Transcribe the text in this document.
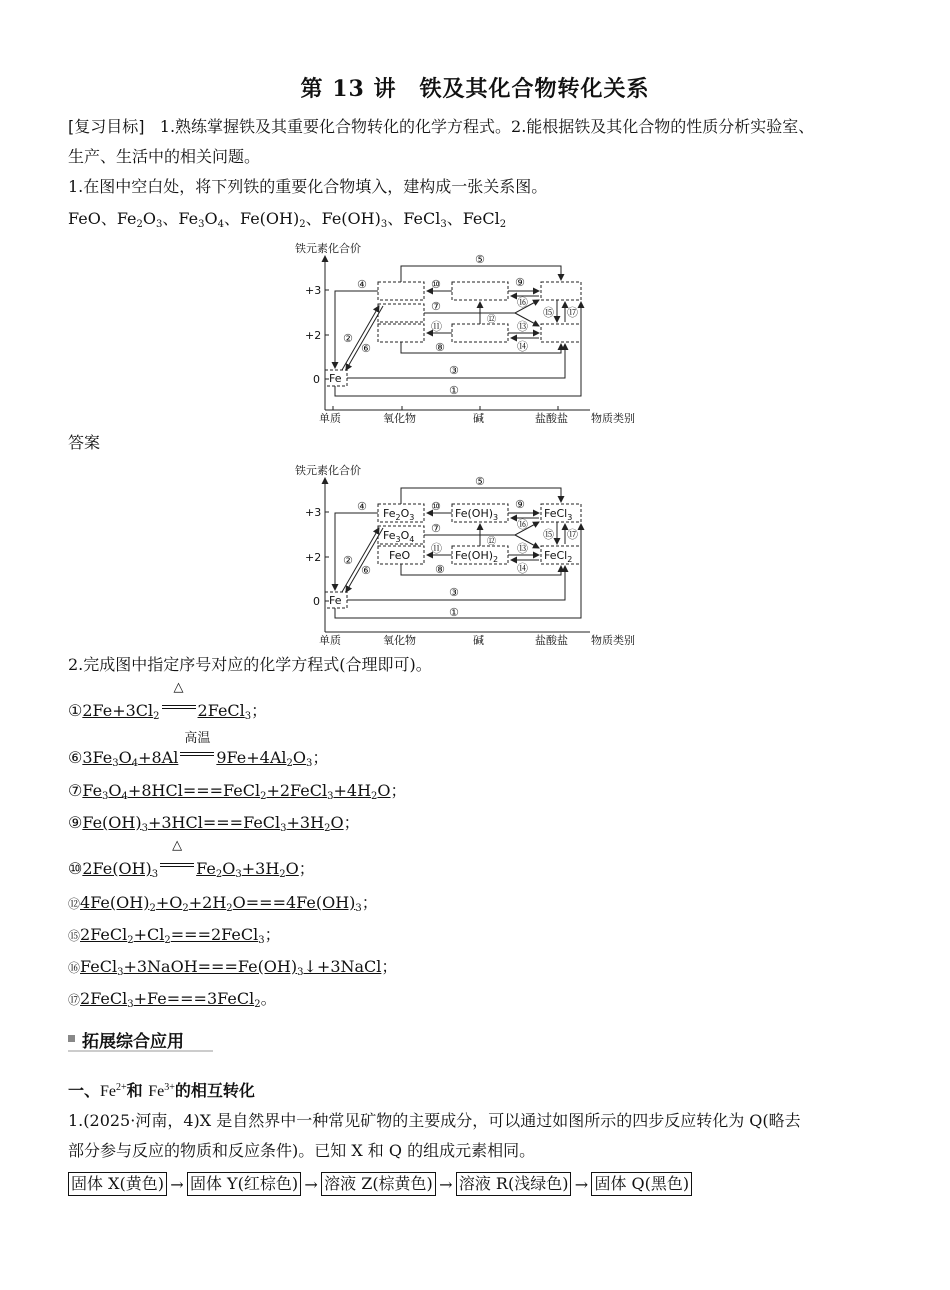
第 13 讲　铁及其化合物转化关系
[复习目标] 1.熟练掌握铁及其重要化合物转化的化学方程式。2.能根据铁及其化合物的性质分析实验室、
生产、生活中的相关问题。
1.在图中空白处，将下列铁的重要化合物填入，建构成一张关系图。
FeO、$Fe_2O_3$、$Fe_3O_4$、$Fe(OH)_2$、$Fe(OH)_3$、FeCl$_3$、FeCl$_2$
铁元素化合价
+3
+2
0
单质	氧化物	碱	盐酸盐 物质类别
Fe
④
⑤
⑩	⑨
⑯
⑦
⑫
⑮ ⑰
⑪	⑬
⑭
⑧
②
⑥
③
①
答案
铁元素化合价
+3
+2
0
单质	氧化物	碱	盐酸盐 物质类别
Fe
$Fe_2O_3$
$Fe_3O_4$
FeO
$Fe(OH)_3$
$Fe(OH)_2$
FeCl$_3$
FeCl$_2$
④
⑤
⑩	⑨
⑯
⑦
⑫
⑮ ⑰
⑪	⑬
⑭
⑧
②
⑥
③
①
2.完成图中指定序号对应的化学方程式(合理即可)。
$①2Fe+3Cl_2$
△
2FeCl$_3$；
$⑥3Fe_3O_4+8Al$
高温
$9Fe+4Al_2O_3$；
$⑦Fe_3O_4+8HCl===FeCl_2+2FeCl_3+4H_2O$；
$⑨Fe(OH)_3+3HCl===FeCl_3+3H_2O$；
$⑩2Fe(OH)_3$
△
$Fe_2O_3+3H_2O$；
$⑫4Fe(OH)_2+O_2+2H_2O===4Fe(OH)_3$；
$⑮2FeCl_2+Cl_2===2FeCl_3$；
$⑯FeCl_3+3NaOH===Fe(OH)_3↓+3NaCl$；
⑰2FeCl$_3$+Fe===3FeCl$_2$。
拓展综合应用
一、$Fe^{2+}$和 $Fe^{3+}$的相互转化
1.(2025·河南，4)X 是自然界中一种常见矿物的主要成分，可以通过如图所示的四步反应转化为 Q(略去
部分参与反应的物质和反应条件)。已知 X 和 Q 的组成元素相同。
固体 X(黄色) → 固体 Y(红棕色) → 溶液 Z(棕黄色) → 溶液 R(浅绿色) → 固体 Q(黑色)
